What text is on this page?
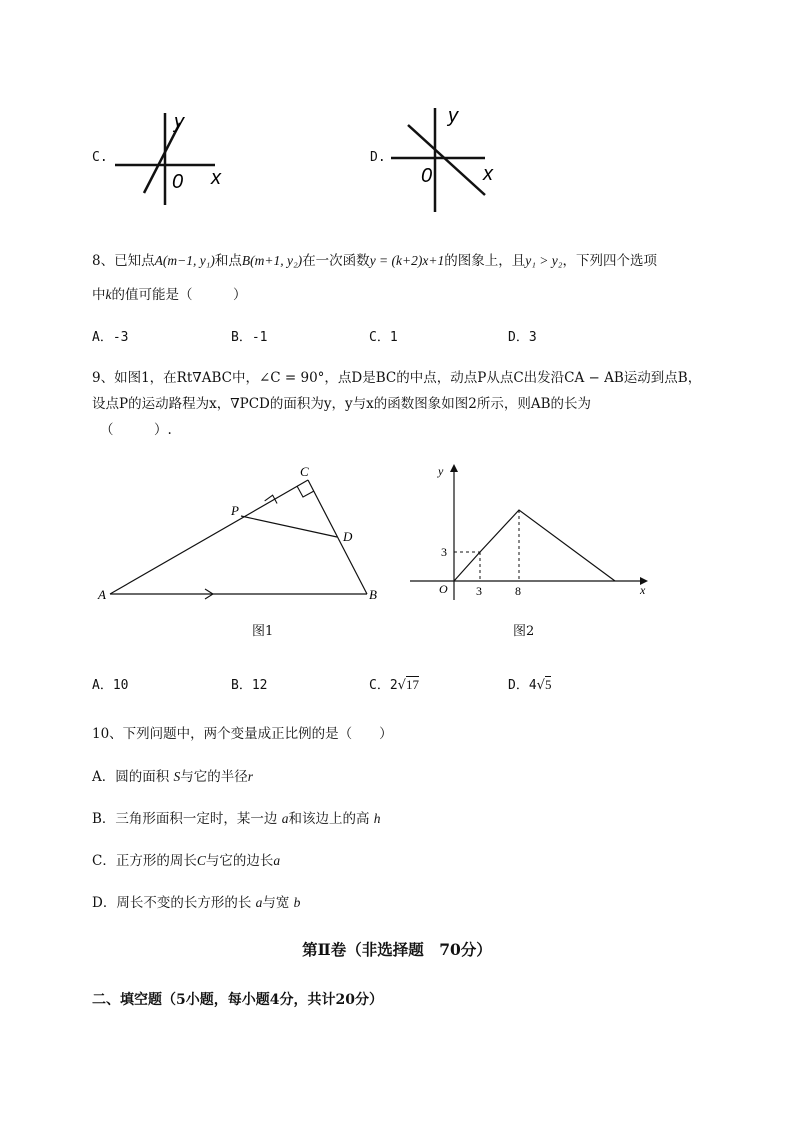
C.
y
x
0
D.
y
x
0
8、已知点A(m−1, y₁)和点B(m+1, y₂)在一次函数y = (k+2)x+1的图象上，且y₁ > y₂，下列四个选项
中k的值可能是（　　　）
A．-3	B．-1	C．1	D．3
9、如图1，在Rt∇ABC中，∠C = 90°，点D是BC的中点，动点P从点C出发沿CA − AB运动到点B，
设点P的运动路程为x，∇PCD的面积为y，y与x的函数图象如图2所示，则AB的长为
（　　　）.
A	B
C
D
P
图1
y
x
O 3	8
3
图2
A．10	B．12	C．2√17	D．4√5
10、下列问题中，两个变量成正比例的是（　　）
A．圆的面积 S与它的半径r
B．三角形面积一定时，某一边 a和该边上的高 h
C．正方形的周长C与它的边长a
D．周长不变的长方形的长 a与宽 b
第Ⅱ卷（非选择题　70分）
二、填空题（5小题，每小题4分，共计20分）
